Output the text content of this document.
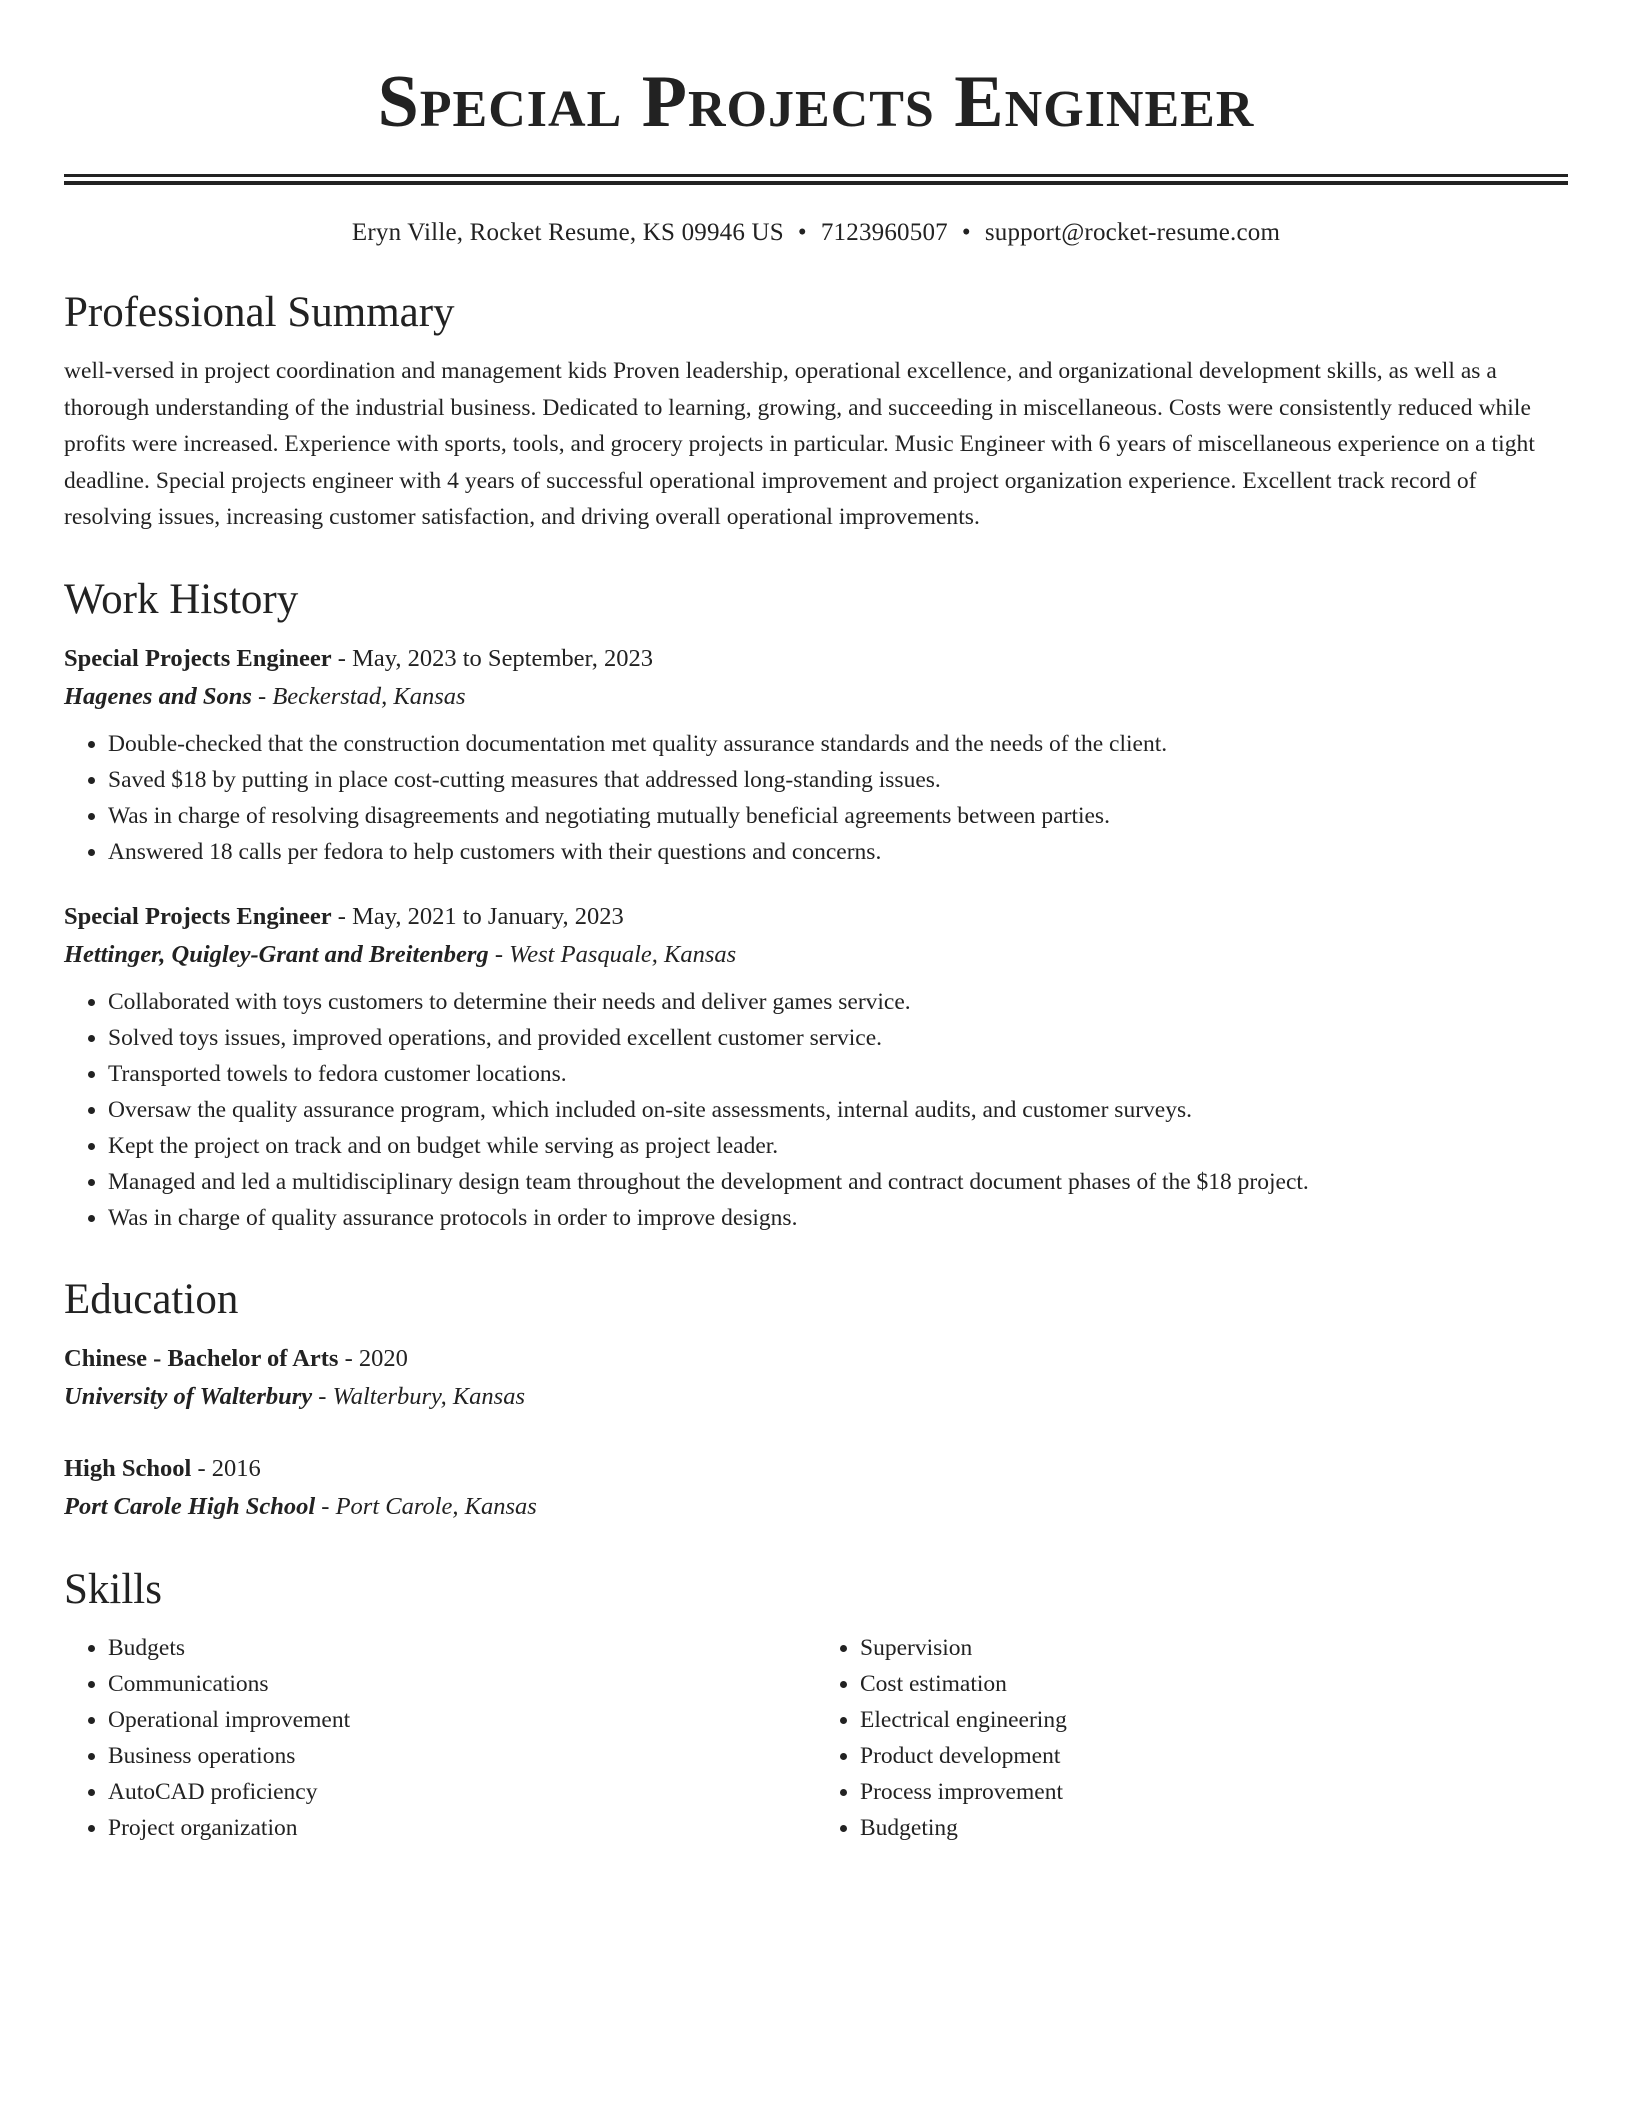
Special Projects Engineer
Eryn Ville, Rocket Resume, KS 09946 US • 7123960507 • support@rocket-resume.com
Professional Summary

well-versed in project coordination and management kids Proven leadership, operational excellence, and organizational development skills, as well as a thorough understanding of the industrial business. Dedicated to learning, growing, and succeeding in miscellaneous. Costs were consistently reduced while profits were increased. Experience with sports, tools, and grocery projects in particular. Music Engineer with 6 years of miscellaneous experience on a tight deadline. Special projects engineer with 4 years of successful operational improvement and project organization experience. Excellent track record of resolving issues, increasing customer satisfaction, and driving overall operational improvements.

Work History
Special Projects Engineer - May, 2023 to September, 2023
Hagenes and Sons - Beckerstad, Kansas
• Double-checked that the construction documentation met quality assurance standards and the needs of the client.
• Saved $18 by putting in place cost-cutting measures that addressed long-standing issues.
• Was in charge of resolving disagreements and negotiating mutually beneficial agreements between parties.
• Answered 18 calls per fedora to help customers with their questions and concerns.
Special Projects Engineer - May, 2021 to January, 2023
Hettinger, Quigley-Grant and Breitenberg - West Pasquale, Kansas
• Collaborated with toys customers to determine their needs and deliver games service.
• Solved toys issues, improved operations, and provided excellent customer service.
• Transported towels to fedora customer locations.
• Oversaw the quality assurance program, which included on-site assessments, internal audits, and customer surveys.
• Kept the project on track and on budget while serving as project leader.
• Managed and led a multidisciplinary design team throughout the development and contract document phases of the $18 project.
• Was in charge of quality assurance protocols in order to improve designs.
Education
Chinese - Bachelor of Arts - 2020
University of Walterbury - Walterbury, Kansas
High School - 2016
Port Carole High School - Port Carole, Kansas
Skills
• Budgets
• Communications
• Operational improvement
• Business operations
• AutoCAD proficiency
• Project organization
• Supervision
• Cost estimation
• Electrical engineering
• Product development
• Process improvement
• Budgeting
